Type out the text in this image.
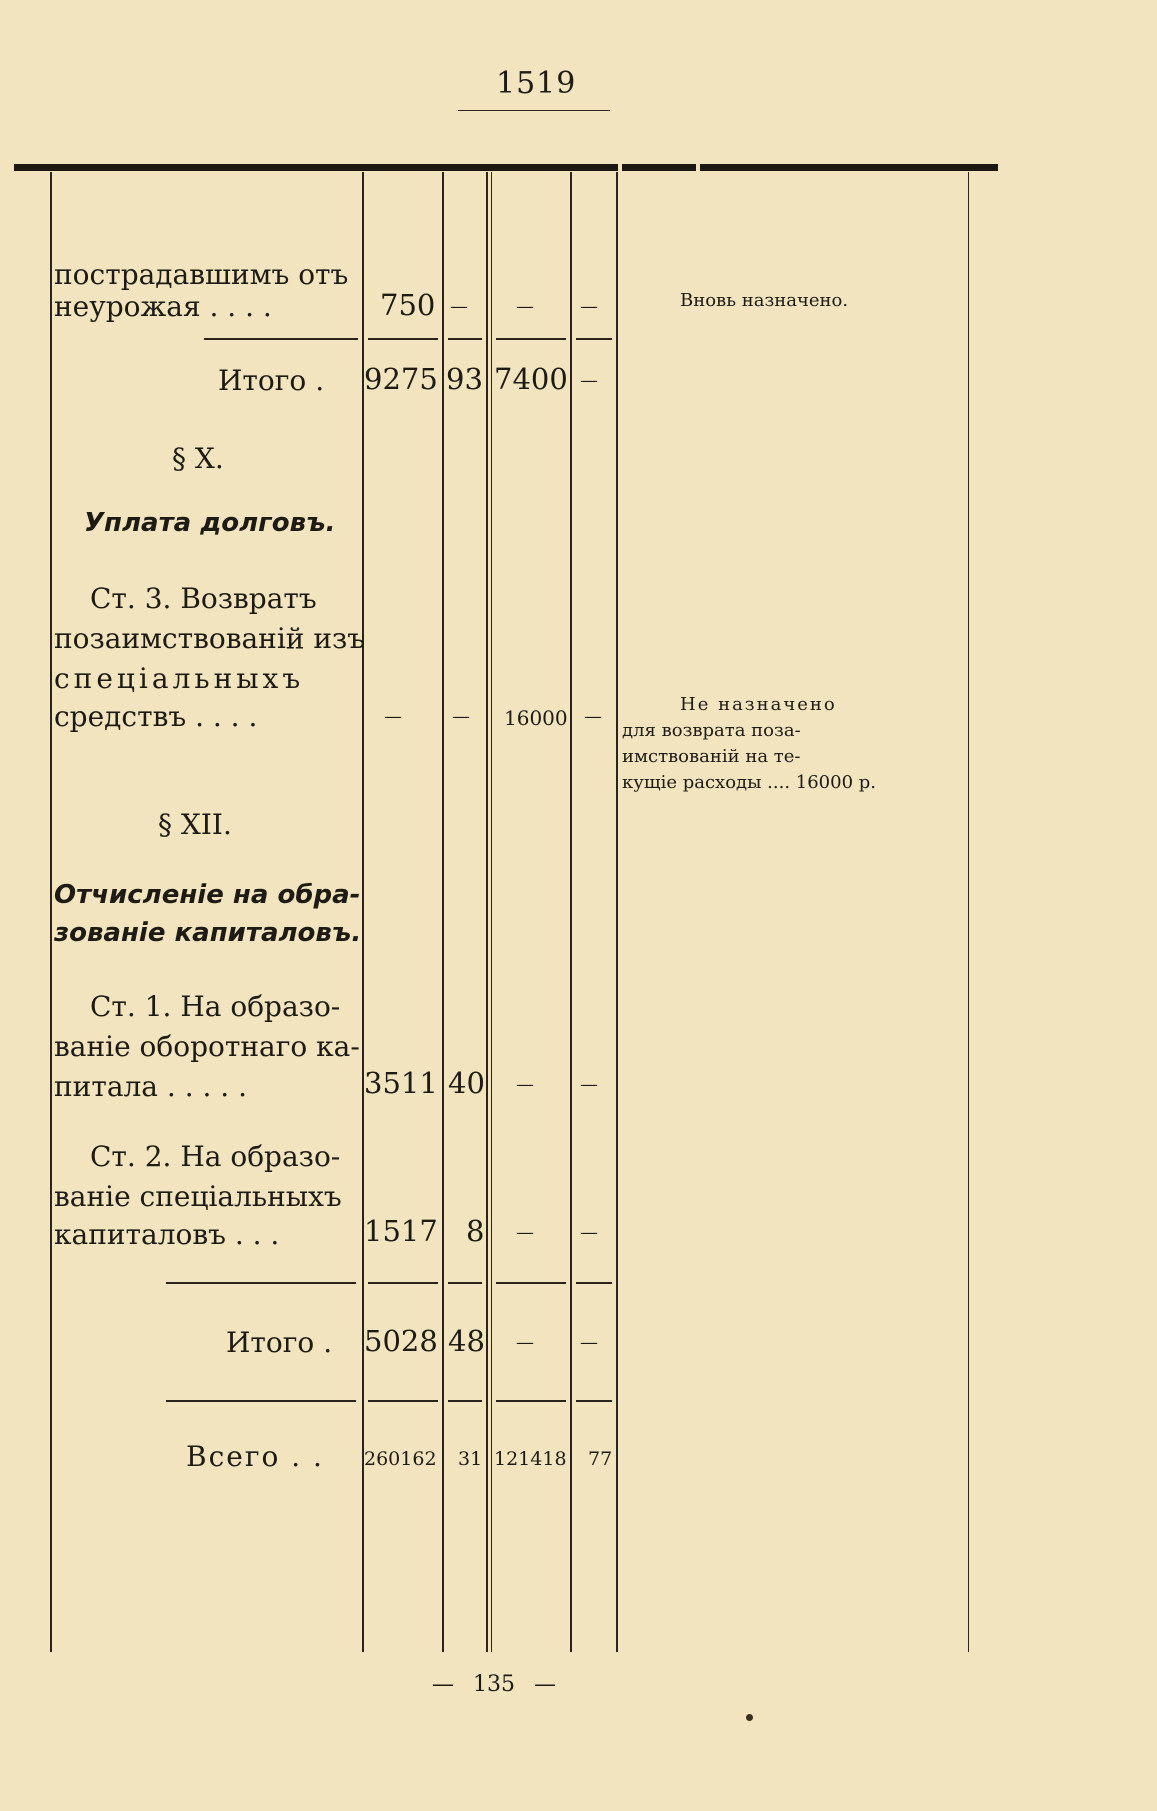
1519
пострадавшимъ отъ
неурожая . . . .	750 —	—	—	Вновь назначено.
Итого . 9275 93 7400 —
§ X.
Уплата долговъ.
Ст. 3. Возвратъ
позаимствованій изъ
спеціальныхъ
средствъ . . . .	—	— 16000 —
Не назначено
для возврата поза-
имствованій на те-
кущіе расходы .... 16000 р.
§ XII.
Отчисленіе на обра-
зованіе капиталовъ.
Ст. 1. На образо-
ваніе оборотнаго ка-
питала . . . . .	3511 40 —	—
Ст. 2. На образо-
ваніе спеціальныхъ
капиталовъ . . .	1517 8 —	—
Итого . 5028 48 —	—
Всего . . 260162 31 121418 77
— 135 —
